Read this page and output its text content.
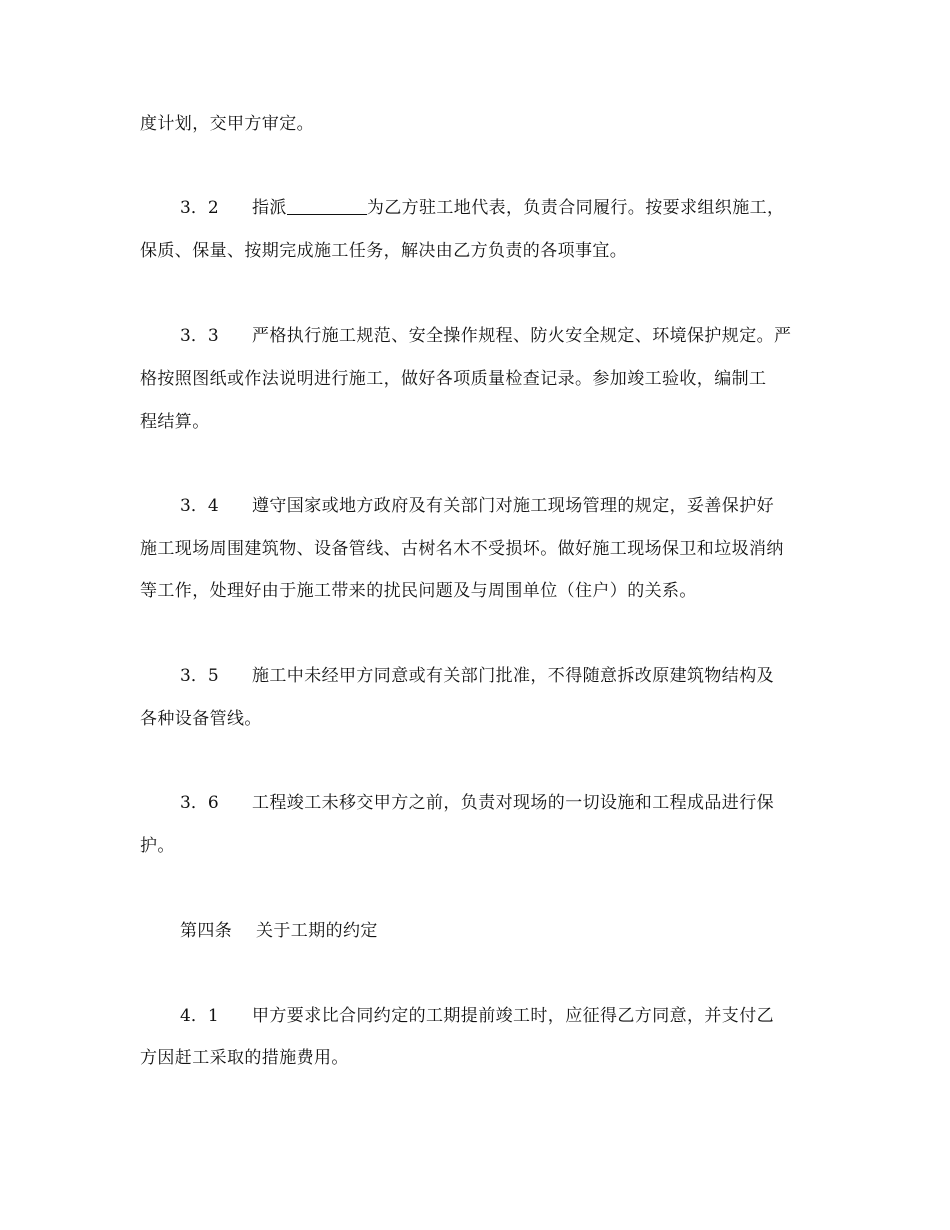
度计划，交甲方审定。
3．2 指派	为乙方驻工地代表，负责合同履行。按要求组织施工，
保质、保量、按期完成施工任务，解决由乙方负责的各项事宜。
3．3 严格执行施工规范、安全操作规程、防火安全规定、环境保护规定。严
格按照图纸或作法说明进行施工，做好各项质量检查记录。参加竣工验收，编制工
程结算。
3．4 遵守国家或地方政府及有关部门对施工现场管理的规定，妥善保护好
施工现场周围建筑物、设备管线、古树名木不受损坏。做好施工现场保卫和垃圾消纳
等工作，处理好由于施工带来的扰民问题及与周围单位（住户）的关系。
3．5 施工中未经甲方同意或有关部门批准，不得随意拆改原建筑物结构及
各种设备管线。
3．6 工程竣工未移交甲方之前，负责对现场的一切设施和工程成品进行保
护。
第四条 关于工期的约定
4．1 甲方要求比合同约定的工期提前竣工时，应征得乙方同意，并支付乙
方因赶工采取的措施费用。
